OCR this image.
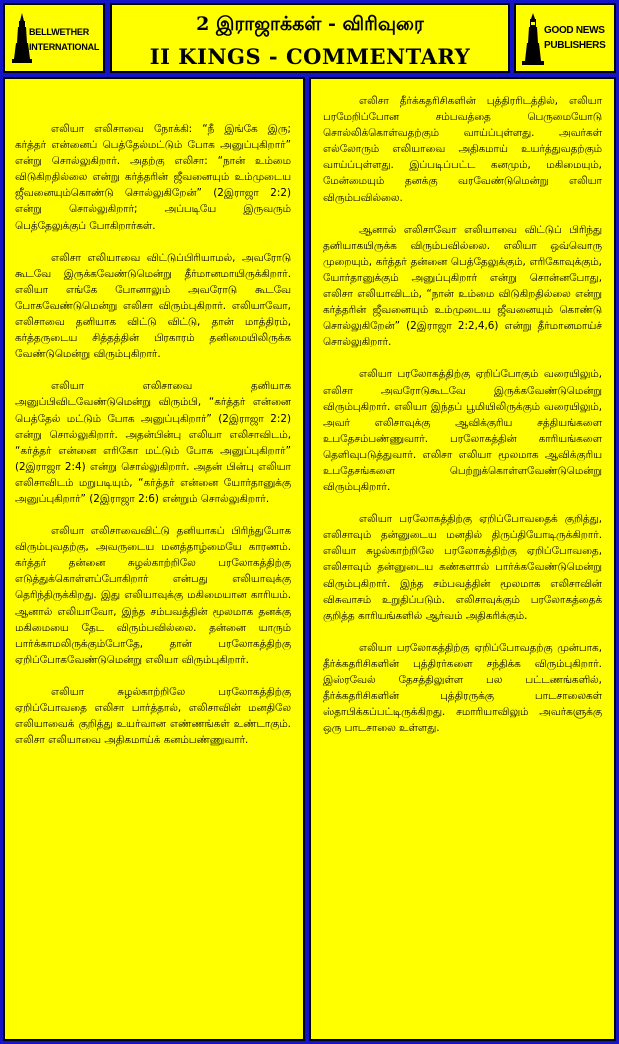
BELLWETHER
INTERNATIONAL
2 இராஜாக்கள் - விரிவுரை
II KINGS - COMMENTARY
GOOD NEWS
PUBLISHERS

எலியா எலிசாவை நோக்கி: “நீ இங்கே இரு; கர்த்தர் என்னைப் பெத்தேல்மட்டும் போக அனுப்புகிறார்” என்று சொல்லுகிறார். அதற்கு எலிசா: “நான் உம்மை விடுகிறதில்லை என்று கர்த்தரின் ஜீவனையும் உம்முடைய ஜீவனையும்கொண்டு சொல்லுகிறேன்” (2இராஜா 2:2) என்று சொல்லுகிறார்; அப்படியே இருவரும் பெத்தேலுக்குப் போகிறார்கள்.

எலிசா எலியாவை விட்டுப்பிரியாமல், அவரோடு கூடவே இருக்கவேண்டுமென்று தீர்மானமாயிருக்கிறார். எலியா எங்கே போனாலும் அவரோடு கூடவே போகவேண்டுமென்று எலிசா விரும்புகிறார். எலியாவோ, எலிசாவை தனியாக விட்டு விட்டு, தான் மாத்திரம், கர்த்தருடைய சித்தத்தின் பிரகாரம் தனிமையிலிருக்க வேண்டுமென்று விரும்புகிறார்.

எலியா எலிசாவை தனியாக அனுப்பிவிடவேண்டுமென்று விரும்பி, “கர்த்தர் என்னை பெத்தேல் மட்டும் போக அனுப்புகிறார்” (2இராஜா 2:2) என்று சொல்லுகிறார். அதன்பின்பு எலியா எலிசாவிடம், “கர்த்தர் என்னை எரிகோ மட்டும் போக அனுப்புகிறார்” (2இராஜா 2:4) என்று சொல்லுகிறார். அதன் பின்பு எலியா எலிசாவிடம் மறுபடியும், “கர்த்தர் என்னை யோர்தானுக்கு அனுப்புகிறார்” (2இராஜா 2:6) என்றும் சொல்லுகிறார்.

எலியா எலிசாவைவிட்டு தனியாகப் பிரிந்துபோக விரும்புவதற்கு, அவருடைய மனத்தாழ்மையே காரணம். கர்த்தர் தன்னை சுழல்காற்றிலே பரலோகத்திற்கு எடுத்துக்கொள்ளப்போகிறார் என்பது எலியாவுக்கு தெரிந்திருக்கிறது. இது எலியாவுக்கு மகிமையான காரியம். ஆனால் எலியாவோ, இந்த சம்பவத்தின் மூலமாக தனக்கு மகிமையை தேட விரும்பவில்லை. தன்னை யாரும் பார்க்காமலிருக்கும்போதே, தான் பரலோகத்திற்கு ஏறிப்போகவேண்டுமென்று எலியா விரும்புகிறார்.

எலியா சுழல்காற்றிலே பரலோகத்திற்கு ஏறிப்போவதை எலிசா பார்த்தால், எலிசாவின் மனதிலே எலியாவைக் குறித்து உயர்வான எண்ணங்கள் உண்டாகும். எலிசா எலியாவை அதிகமாய்க் கனம்பண்ணுவார்.

எலிசா தீர்க்கதரிசிகளின் புத்திரரிடத்தில், எலியா பரமேறிப்போன சம்பவத்தை பெருமையோடு சொல்லிக்கொள்வதற்கும் வாய்ப்புள்ளது. அவர்கள் எல்லோரும் எலியாவை அதிகமாய் உயர்த்துவதற்கும் வாய்ப்புள்ளது. இப்படிப்பட்ட கனமும், மகிமையும், மேன்மையும் தனக்கு வரவேண்டுமென்று எலியா விரும்பவில்லை.

ஆனால் எலிசாவோ எலியாவை விட்டுப் பிரிந்து தனியாகயிருக்க விரும்பவில்லை. எலியா ஒவ்வொரு முறையும், கர்த்தர் தன்னை பெத்தேலுக்கும், எரிகோவுக்கும், யோர்தானுக்கும் அனுப்புகிறார் என்று சொன்னபோது, எலிசா எலியாவிடம், “நான் உம்மை விடுகிறதில்லை என்று கர்த்தரின் ஜீவனையும் உம்முடைய ஜீவனையும் கொண்டு சொல்லுகிறேன்” (2இராஜா 2:2,4,6) என்று தீர்மானமாய்ச் சொல்லுகிறார்.

எலியா பரலோகத்திற்கு ஏறிப்போகும் வரையிலும், எலிசா அவரோடுகூடவே இருக்கவேண்டுமென்று விரும்புகிறார். எலியா இந்தப் பூமியிலிருக்கும் வரையிலும், அவர் எலிசாவுக்கு ஆவிக்குரிய சத்தியங்களை உபதேசம்பண்ணுவார். பரலோகத்தின் காரியங்களை தெளிவுபடுத்துவார். எலிசா எலியா மூலமாக ஆவிக்குரிய உபதேசங்களை பெற்றுக்கொள்ளவேண்டுமென்று விரும்புகிறார்.

எலியா பரலோகத்திற்கு ஏறிப்போவதைக் குறித்து, எலிசாவும் தன்னுடைய மனதில் திருப்தியோடிருக்கிறார். எலியா சுழல்காற்றிலே பரலோகத்திற்கு ஏறிப்போவதை, எலிசாவும் தன்னுடைய கண்களால் பார்க்கவேண்டுமென்று விரும்புகிறார். இந்த சம்பவத்தின் மூலமாக எலிசாவின் விசுவாசம் உறுதிப்படும். எலிசாவுக்கும் பரலோகத்தைக் குறித்த காரியங்களில் ஆர்வம் அதிகரிக்கும்.

எலியா பரலோகத்திற்கு ஏறிப்போவதற்கு முன்பாக, தீர்க்கதரிசிகளின் புத்திரர்களை சந்திக்க விரும்புகிறார். இஸ்ரவேல் தேசத்திலுள்ள பல பட்டணங்களில், தீர்க்கதரிசிகளின் புத்திரருக்கு பாடசாலைகள் ஸ்தாபிக்கப்பட்டிருக்கிறது. சமாரியாவிலும் அவர்களுக்கு ஒரு பாடசாலை உள்ளது.
